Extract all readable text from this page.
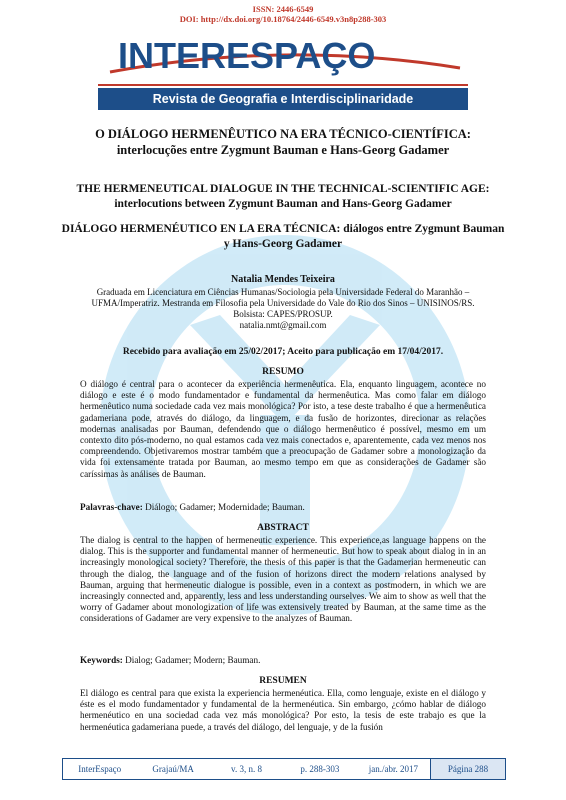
ISSN: 2446-6549
DOI: http://dx.doi.org/10.18764/2446-6549.v3n8p288-303
INTERESPAÇO
Revista de Geografia e Interdisciplinaridade
O DIÁLOGO HERMENÊUTICO NA ERA TÉCNICO-CIENTÍFICA: interlocuções entre Zygmunt Bauman e Hans-Georg Gadamer
THE HERMENEUTICAL DIALOGUE IN THE TECHNICAL-SCIENTIFIC AGE: interlocutions between Zygmunt Bauman and Hans-Georg Gadamer
DIÁLOGO HERMENÉUTICO EN LA ERA TÉCNICA: diálogos entre Zygmunt Bauman y Hans-Georg Gadamer
Natalia Mendes Teixeira
Graduada em Licenciatura em Ciências Humanas/Sociologia pela Universidade Federal do Maranhão – UFMA/Imperatriz. Mestranda em Filosofia pela Universidade do Vale do Rio dos Sinos – UNISINOS/RS. Bolsista: CAPES/PROSUP.
natalia.nmt@gmail.com
Recebido para avaliação em 25/02/2017; Aceito para publicação em 17/04/2017.
RESUMO
O diálogo é central para o acontecer da experiência hermenêutica. Ela, enquanto linguagem, acontece no diálogo e este é o modo fundamentador e fundamental da hermenêutica. Mas como falar em diálogo hermenêutico numa sociedade cada vez mais monológica? Por isto, a tese deste trabalho é que a hermenêutica gadameriana pode, através do diálogo, da linguagem, e da fusão de horizontes, direcionar as relações modernas analisadas por Bauman, defendendo que o diálogo hermenêutico é possível, mesmo em um contexto dito pós-moderno, no qual estamos cada vez mais conectados e, aparentemente, cada vez menos nos compreendendo. Objetivaremos mostrar também que a preocupação de Gadamer sobre a monologização da vida foi extensamente tratada por Bauman, ao mesmo tempo em que as considerações de Gadamer são caríssimas às análises de Bauman.
Palavras-chave: Diálogo; Gadamer; Modernidade; Bauman.
ABSTRACT
The dialog is central to the happen of hermeneutic experience. This experience,as language happens on the dialog. This is the supporter and fundamental manner of hermeneutic. But how to speak about dialog in in an increasingly monological society? Therefore, the thesis of this paper is that the Gadamerian hermeneutic can through the dialog, the language and of the fusion of horizons direct the modern relations analysed by Bauman, arguing that hermeneutic dialogue is possible, even in a context as postmodern, in which we are increasingly connected and, apparently, less and less understanding ourselves. We aim to show as well that the worry of Gadamer about monologization of life was extensively treated by Bauman, at the same time as the considerations of Gadamer are very expensive to the analyzes of Bauman.
Keywords: Dialog; Gadamer; Modern; Bauman.
RESUMEN
El diálogo es central para que exista la experiencia hermenéutica. Ella, como lenguaje, existe en el diálogo y éste es el modo fundamentador y fundamental de la hermenéutica. Sin embargo, ¿cómo hablar de diálogo hermenéutico en una sociedad cada vez más monológica? Por esto, la tesis de este trabajo es que la hermenéutica gadameriana puede, a través del diálogo, del lenguaje, y de la fusión
InterEspaço	Grajaú/MA	v. 3, n. 8	p. 288-303	jan./abr. 2017	Página 288
